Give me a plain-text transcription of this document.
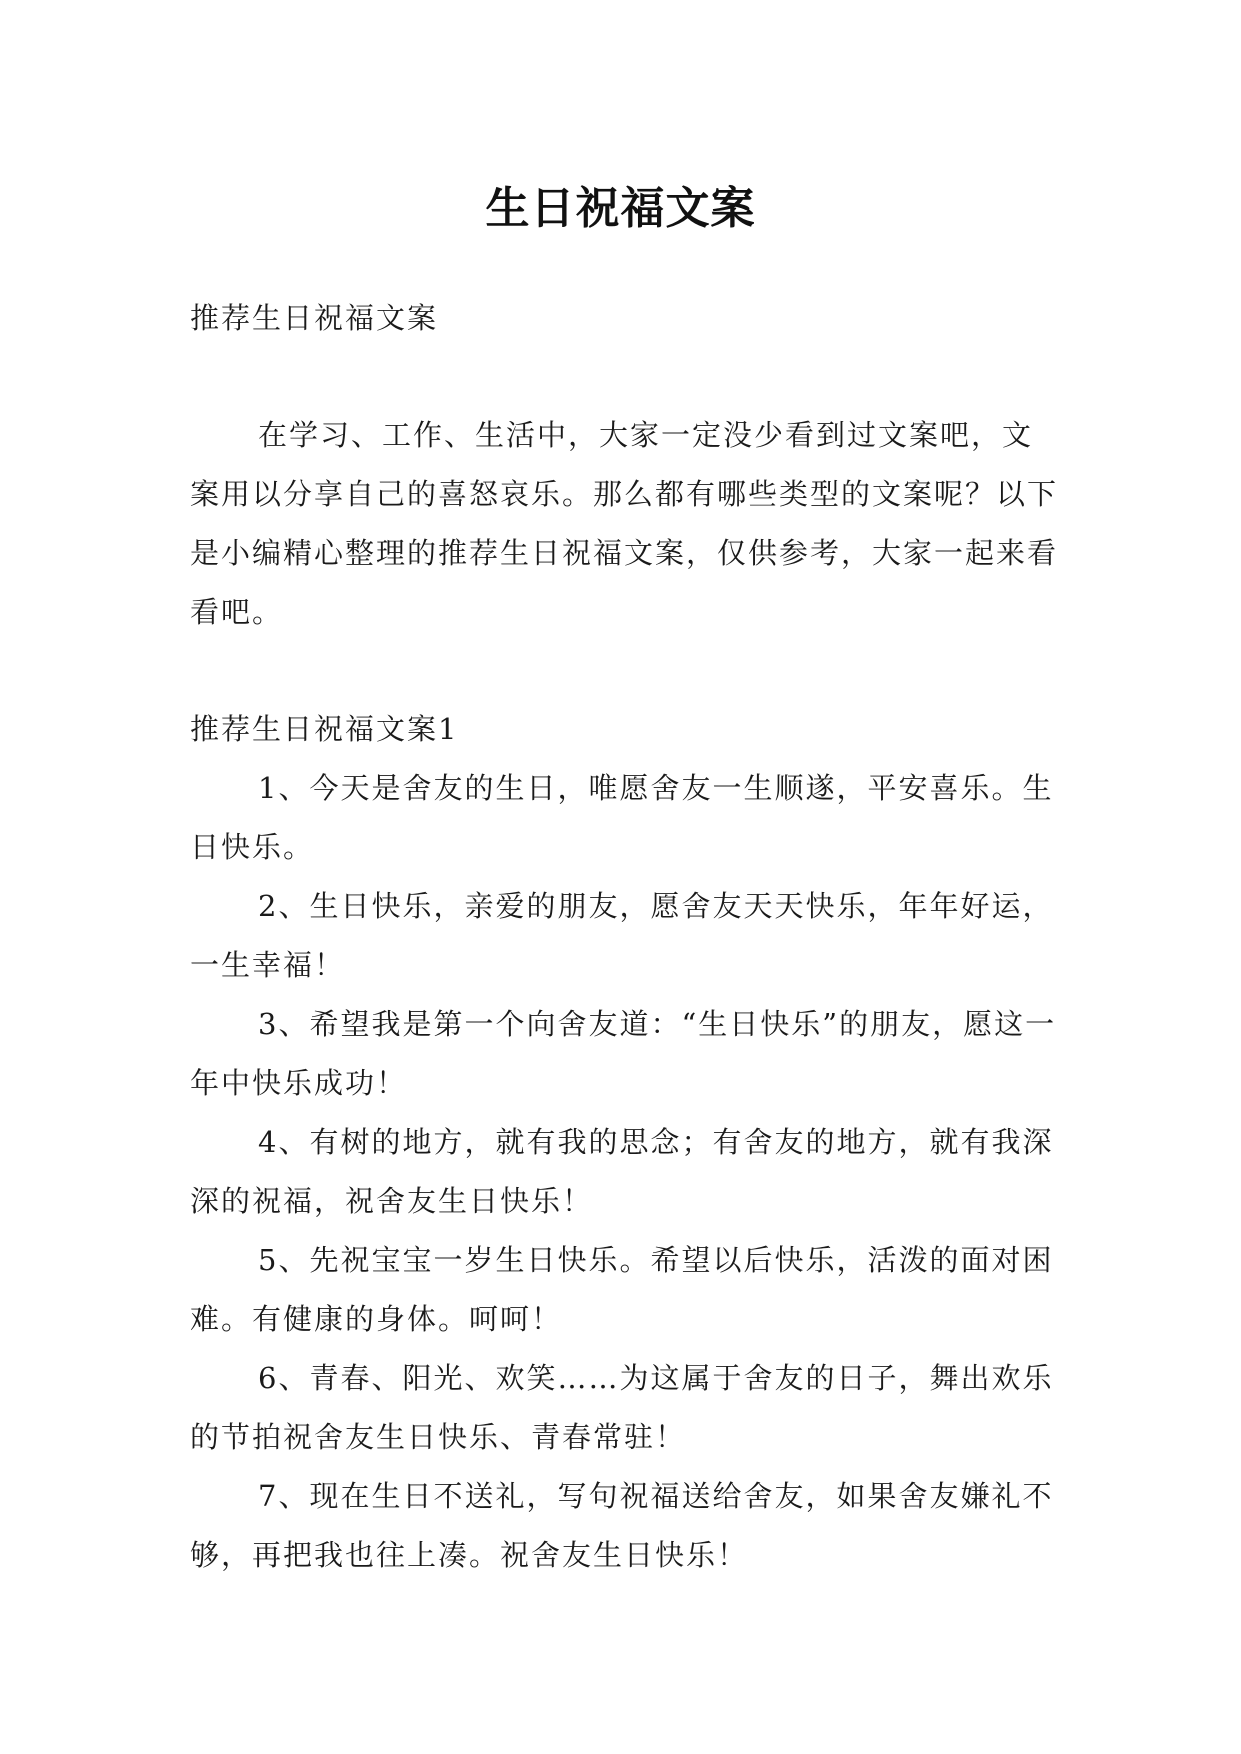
生日祝福文案

推荐生日祝福文案

在学习、工作、生活中，大家一定没少看到过文案吧，文案用以分享自己的喜怒哀乐。那么都有哪些类型的文案呢？以下是小编精心整理的推荐生日祝福文案，仅供参考，大家一起来看看吧。

推荐生日祝福文案1

1、今天是舍友的生日，唯愿舍友一生顺遂，平安喜乐。生日快乐。

2、生日快乐，亲爱的朋友，愿舍友天天快乐，年年好运，一生幸福！

3、希望我是第一个向舍友道：“生日快乐”的朋友，愿这一年中快乐成功！

4、有树的地方，就有我的思念；有舍友的地方，就有我深深的祝福，祝舍友生日快乐！

5、先祝宝宝一岁生日快乐。希望以后快乐，活泼的面对困难。有健康的身体。呵呵！

6、青春、阳光、欢笑……为这属于舍友的日子，舞出欢乐的节拍祝舍友生日快乐、青春常驻！

7、现在生日不送礼，写句祝福送给舍友，如果舍友嫌礼不够，再把我也往上凑。祝舍友生日快乐！
